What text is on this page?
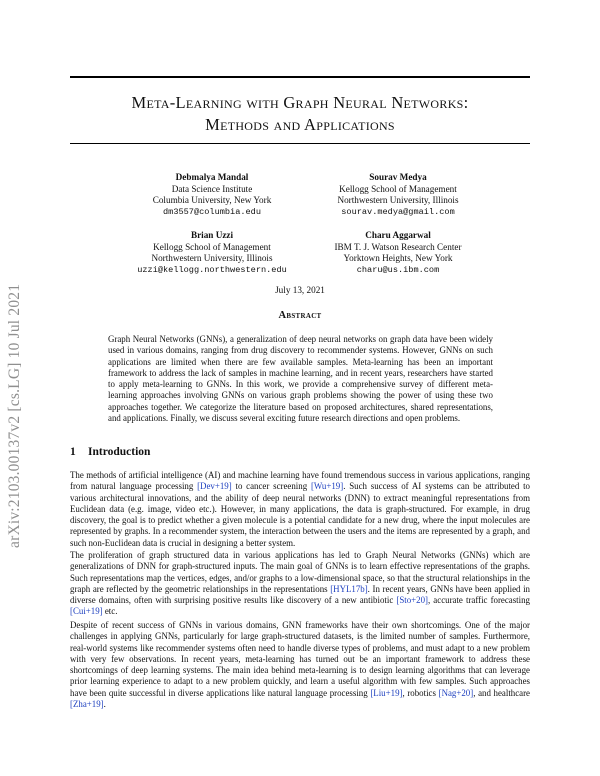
arXiv:2103.00137v2 [cs.LG] 10 Jul 2021
Meta-Learning with Graph Neural Networks:
Methods and Applications
Debmalya Mandal
Data Science Institute
Columbia University, New York
dm3557@columbia.edu
Sourav Medya
Kellogg School of Management
Northwestern University, Illinois
sourav.medya@gmail.com
Brian Uzzi
Kellogg School of Management
Northwestern University, Illinois
uzzi@kellogg.northwestern.edu
Charu Aggarwal
IBM T. J. Watson Research Center
Yorktown Heights, New York
charu@us.ibm.com
July 13, 2021
Abstract
Graph Neural Networks (GNNs), a generalization of deep neural networks on graph data have been widely used in various domains, ranging from drug discovery to recommender systems. However, GNNs on such applications are limited when there are few available samples. Meta-learning has been an important framework to address the lack of samples in machine learning, and in recent years, researchers have started to apply meta-learning to GNNs. In this work, we provide a comprehensive survey of different meta-learning approaches involving GNNs on various graph problems showing the power of using these two approaches together. We categorize the literature based on proposed architectures, shared representations, and applications. Finally, we discuss several exciting future research directions and open problems.
1 Introduction
The methods of artificial intelligence (AI) and machine learning have found tremendous success in various applications, ranging from natural language processing [Dev+19] to cancer screening [Wu+19]. Such success of AI systems can be attributed to various architectural innovations, and the ability of deep neural networks (DNN) to extract meaningful representations from Euclidean data (e.g. image, video etc.). However, in many applications, the data is graph-structured. For example, in drug discovery, the goal is to predict whether a given molecule is a potential candidate for a new drug, where the input molecules are represented by graphs. In a recommender system, the interaction between the users and the items are represented by a graph, and such non-Euclidean data is crucial in designing a better system.
The proliferation of graph structured data in various applications has led to Graph Neural Networks (GNNs) which are generalizations of DNN for graph-structured inputs. The main goal of GNNs is to learn effective representations of the graphs. Such representations map the vertices, edges, and/or graphs to a low-dimensional space, so that the structural relationships in the graph are reflected by the geometric relationships in the representations [HYL17b]. In recent years, GNNs have been applied in diverse domains, often with surprising positive results like discovery of a new antibiotic [Sto+20], accurate traffic forecasting [Cui+19] etc.
Despite of recent success of GNNs in various domains, GNN frameworks have their own shortcomings. One of the major challenges in applying GNNs, particularly for large graph-structured datasets, is the limited number of samples. Furthermore, real-world systems like recommender systems often need to handle diverse types of problems, and must adapt to a new problem with very few observations. In recent years, meta-learning has turned out be an important framework to address these shortcomings of deep learning systems. The main idea behind meta-learning is to design learning algorithms that can leverage prior learning experience to adapt to a new problem quickly, and learn a useful algorithm with few samples. Such approaches have been quite successful in diverse applications like natural language processing [Liu+19], robotics [Nag+20], and healthcare [Zha+19].
